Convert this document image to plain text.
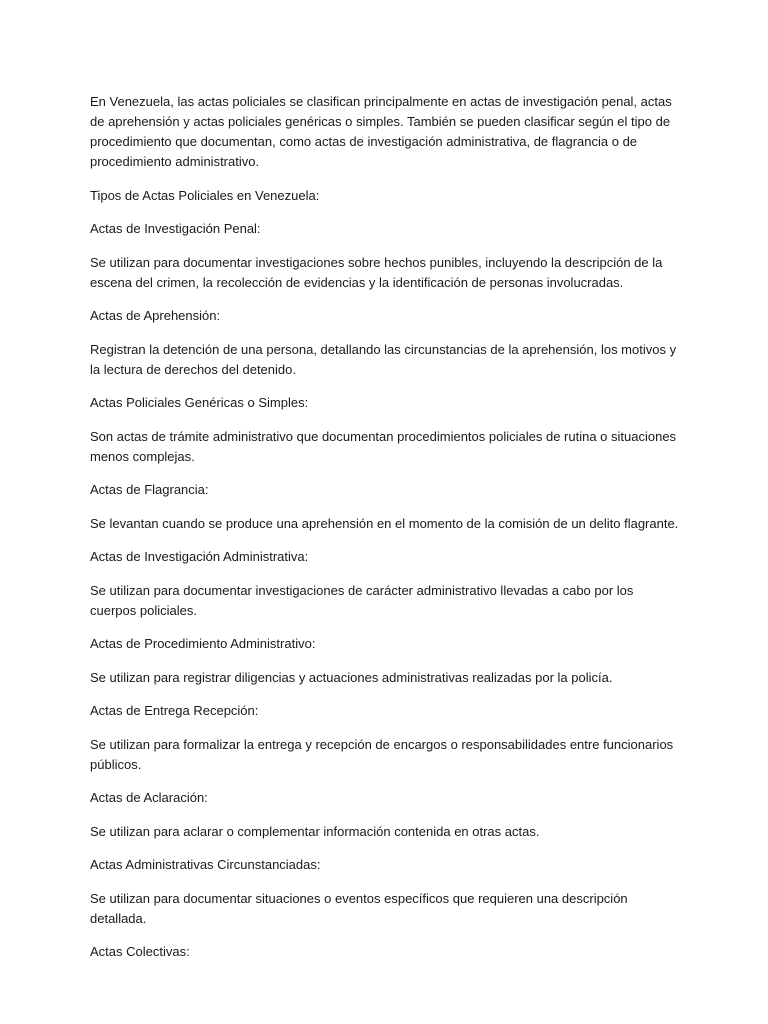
En Venezuela, las actas policiales se clasifican principalmente en actas de investigación penal, actas de aprehensión y actas policiales genéricas o simples. También se pueden clasificar según el tipo de procedimiento que documentan, como actas de investigación administrativa, de flagrancia o de procedimiento administrativo.

Tipos de Actas Policiales en Venezuela:

Actas de Investigación Penal:

Se utilizan para documentar investigaciones sobre hechos punibles, incluyendo la descripción de la escena del crimen, la recolección de evidencias y la identificación de personas involucradas.

Actas de Aprehensión:

Registran la detención de una persona, detallando las circunstancias de la aprehensión, los motivos y la lectura de derechos del detenido.

Actas Policiales Genéricas o Simples:

Son actas de trámite administrativo que documentan procedimientos policiales de rutina o situaciones menos complejas.

Actas de Flagrancia:

Se levantan cuando se produce una aprehensión en el momento de la comisión de un delito flagrante.

Actas de Investigación Administrativa:

Se utilizan para documentar investigaciones de carácter administrativo llevadas a cabo por los cuerpos policiales.

Actas de Procedimiento Administrativo:

Se utilizan para registrar diligencias y actuaciones administrativas realizadas por la policía.

Actas de Entrega Recepción:

Se utilizan para formalizar la entrega y recepción de encargos o responsabilidades entre funcionarios públicos.

Actas de Aclaración:

Se utilizan para aclarar o complementar información contenida en otras actas.

Actas Administrativas Circunstanciadas:

Se utilizan para documentar situaciones o eventos específicos que requieren una descripción detallada.

Actas Colectivas:
